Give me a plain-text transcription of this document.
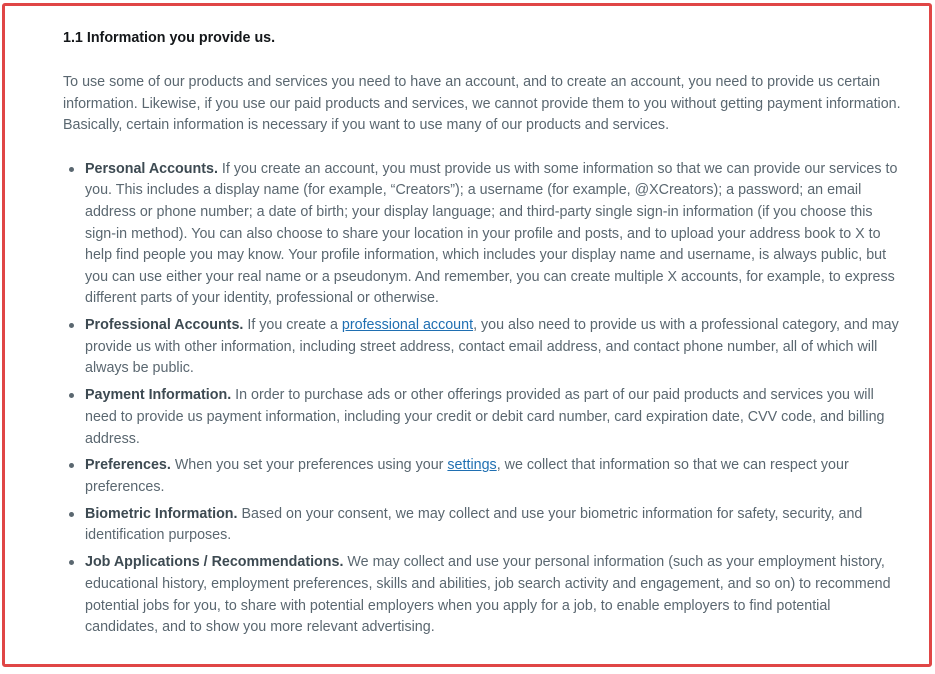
1.1 Information you provide us.

To use some of our products and services you need to have an account, and to create an account, you need to provide us certain information. Likewise, if you use our paid products and services, we cannot provide them to you without getting payment information. Basically, certain information is necessary if you want to use many of our products and services.

Personal Accounts. If you create an account, you must provide us with some information so that we can provide our services to you. This includes a display name (for example, “Creators”); a username (for example, @XCreators); a password; an email address or phone number; a date of birth; your display language; and third-party single sign-in information (if you choose this sign-in method). You can also choose to share your location in your profile and posts, and to upload your address book to X to help find people you may know. Your profile information, which includes your display name and username, is always public, but you can use either your real name or a pseudonym. And remember, you can create multiple X accounts, for example, to express different parts of your identity, professional or otherwise.
Professional Accounts. If you create a professional account, you also need to provide us with a professional category, and may provide us with other information, including street address, contact email address, and contact phone number, all of which will always be public.
Payment Information. In order to purchase ads or other offerings provided as part of our paid products and services you will need to provide us payment information, including your credit or debit card number, card expiration date, CVV code, and billing address.
Preferences. When you set your preferences using your settings, we collect that information so that we can respect your preferences.
Biometric Information. Based on your consent, we may collect and use your biometric information for safety, security, and identification purposes.
Job Applications / Recommendations. We may collect and use your personal information (such as your employment history, educational history, employment preferences, skills and abilities, job search activity and engagement, and so on) to recommend potential jobs for you, to share with potential employers when you apply for a job, to enable employers to find potential candidates, and to show you more relevant advertising.
